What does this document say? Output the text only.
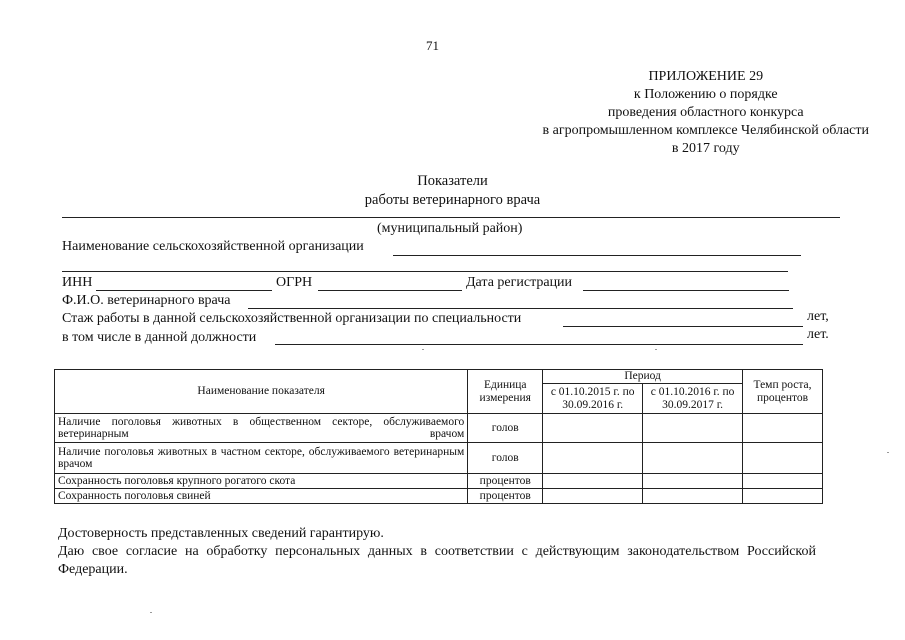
71
ПРИЛОЖЕНИЕ 29
к Положению о порядке
проведения областного конкурса
в агропромышленном комплексе Челябинской области
в 2017 году
Показатели
работы ветеринарного врача
(муниципальный район)
Наименование сельскохозяйственной организации
ИНН	ОГРН	Дата регистрации
Ф.И.О. ветеринарного врача
Стаж работы в данной сельскохозяйственной организации по специальности	лет,
в том числе в данной должности	лет.
Наименование показателя	Единица измерения	Период		Темп роста, процентов
		с 01.10.2015 г. по 30.09.2016 г.	с 01.10.2016 г. по 30.09.2017 г.	
Наличие поголовья животных в общественном секторе, обслуживаемого ветеринарным врачом	голов			
Наличие поголовья животных в частном секторе, обслуживаемого ветеринарным врачом	голов			
Сохранность поголовья крупного рогатого скота	процентов			
Сохранность поголовья свиней	процентов			
Достоверность представленных сведений гарантирую.
Даю свое согласие на обработку персональных данных в соответствии с действующим законодательством Российской Федерации.
